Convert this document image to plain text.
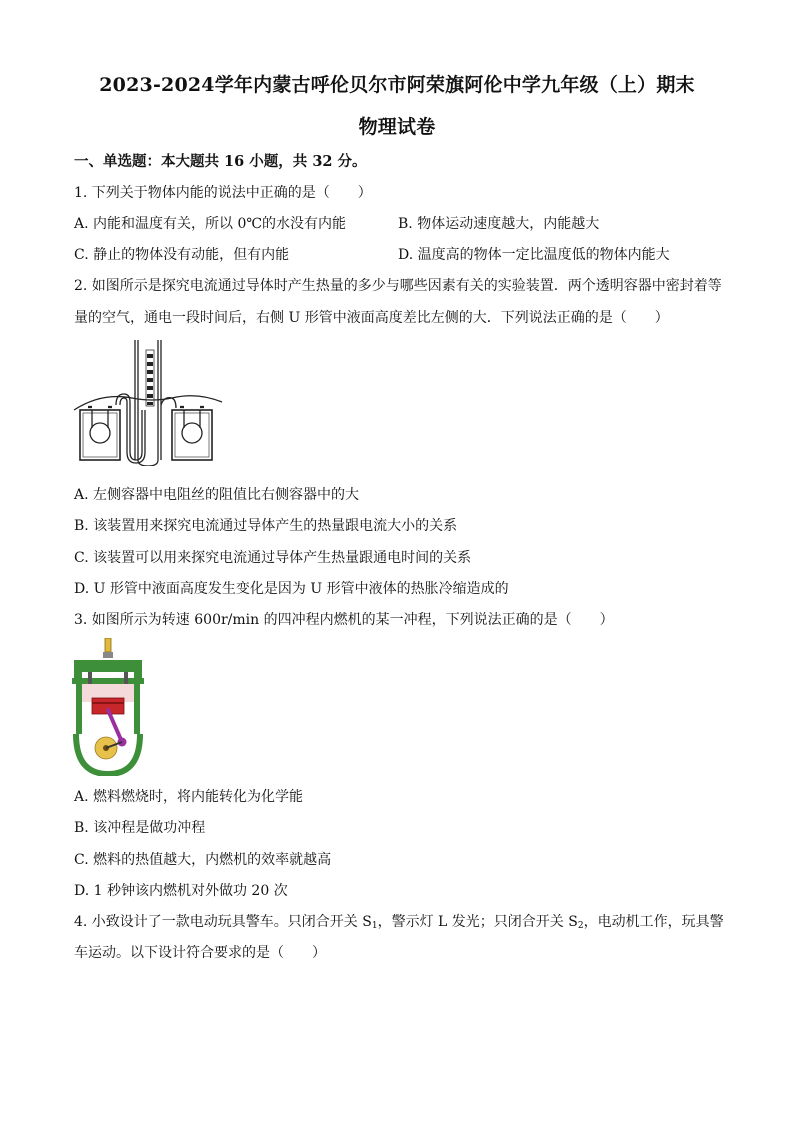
2023-2024学年内蒙古呼伦贝尔市阿荣旗阿伦中学九年级（上）期末
物理试卷
一、单选题：本大题共 16 小题，共 32 分。
1. 下列关于物体内能的说法中正确的是（　　）
A. 内能和温度有关，所以 0℃的水没有内能	B. 物体运动速度越大，内能越大
C. 静止的物体没有动能，但有内能	D. 温度高的物体一定比温度低的物体内能大
2. 如图所示是探究电流通过导体时产生热量的多少与哪些因素有关的实验装置．两个透明容器中密封着等
量的空气，通电一段时间后，右侧 U 形管中液面高度差比左侧的大．下列说法正确的是（　　）
A. 左侧容器中电阻丝的阻值比右侧容器中的大
B. 该装置用来探究电流通过导体产生的热量跟电流大小的关系
C. 该装置可以用来探究电流通过导体产生热量跟通电时间的关系
D. U 形管中液面高度发生变化是因为 U 形管中液体的热胀冷缩造成的
3. 如图所示为转速 600r/min 的四冲程内燃机的某一冲程，下列说法正确的是（　　）
A. 燃料燃烧时，将内能转化为化学能
B. 该冲程是做功冲程
C. 燃料的热值越大，内燃机的效率就越高
D. 1 秒钟该内燃机对外做功 20 次
4. 小致设计了一款电动玩具警车。只闭合开关 $S_1$，警示灯 L 发光；只闭合开关 $S_2$，电动机工作，玩具警
车运动。以下设计符合要求的是（　　）
